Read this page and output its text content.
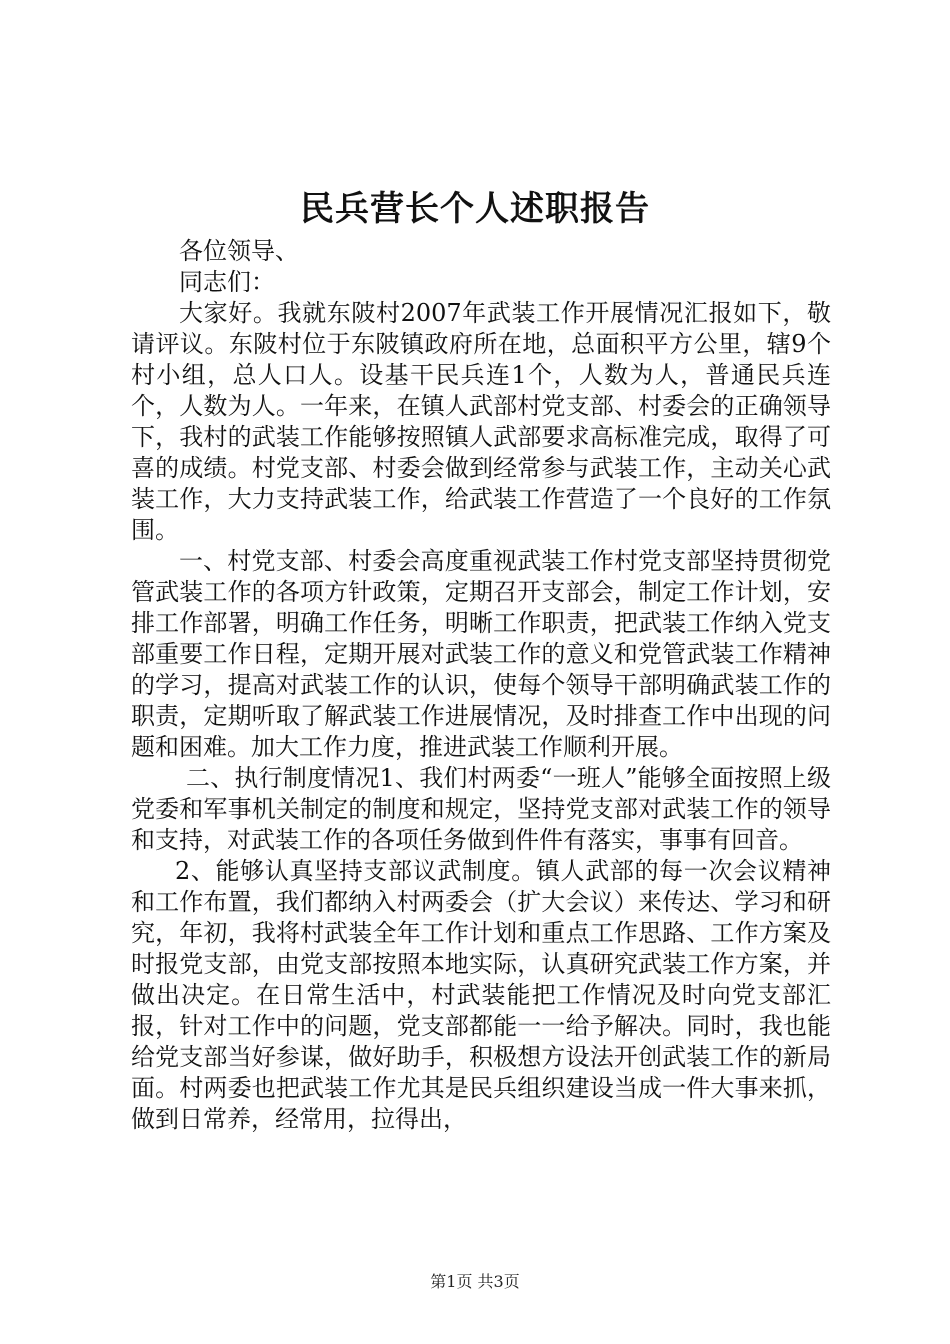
民兵营长个人述职报告

各位领导、

同志们：

大家好。我就东陂村2007年武装工作开展情况汇报如下，敬请评议。东陂村位于东陂镇政府所在地，总面积平方公里，辖9个村小组，总人口人。设基干民兵连1个，人数为人，普通民兵连个，人数为人。一年来，在镇人武部村党支部、村委会的正确领导下，我村的武装工作能够按照镇人武部要求高标准完成，取得了可喜的成绩。村党支部、村委会做到经常参与武装工作，主动关心武装工作，大力支持武装工作，给武装工作营造了一个良好的工作氛围。

一、村党支部、村委会高度重视武装工作村党支部坚持贯彻党管武装工作的各项方针政策，定期召开支部会，制定工作计划，安排工作部署，明确工作任务，明晰工作职责，把武装工作纳入党支部重要工作日程，定期开展对武装工作的意义和党管武装工作精神的学习，提高对武装工作的认识，使每个领导干部明确武装工作的职责，定期听取了解武装工作进展情况，及时排查工作中出现的问题和困难。加大工作力度，推进武装工作顺利开展。

二、执行制度情况1、我们村两委“一班人”能够全面按照上级党委和军事机关制定的制度和规定，坚持党支部对武装工作的领导和支持，对武装工作的各项任务做到件件有落实，事事有回音。

2、能够认真坚持支部议武制度。镇人武部的每一次会议精神和工作布置，我们都纳入村两委会（扩大会议）来传达、学习和研究，年初，我将村武装全年工作计划和重点工作思路、工作方案及时报党支部，由党支部按照本地实际，认真研究武装工作方案，并做出决定。在日常生活中，村武装能把工作情况及时向党支部汇报，针对工作中的问题，党支部都能一一给予解决。同时，我也能给党支部当好参谋，做好助手，积极想方设法开创武装工作的新局面。村两委也把武装工作尤其是民兵组织建设当成一件大事来抓，做到日常养，经常用，拉得出，

第1页 共3页
